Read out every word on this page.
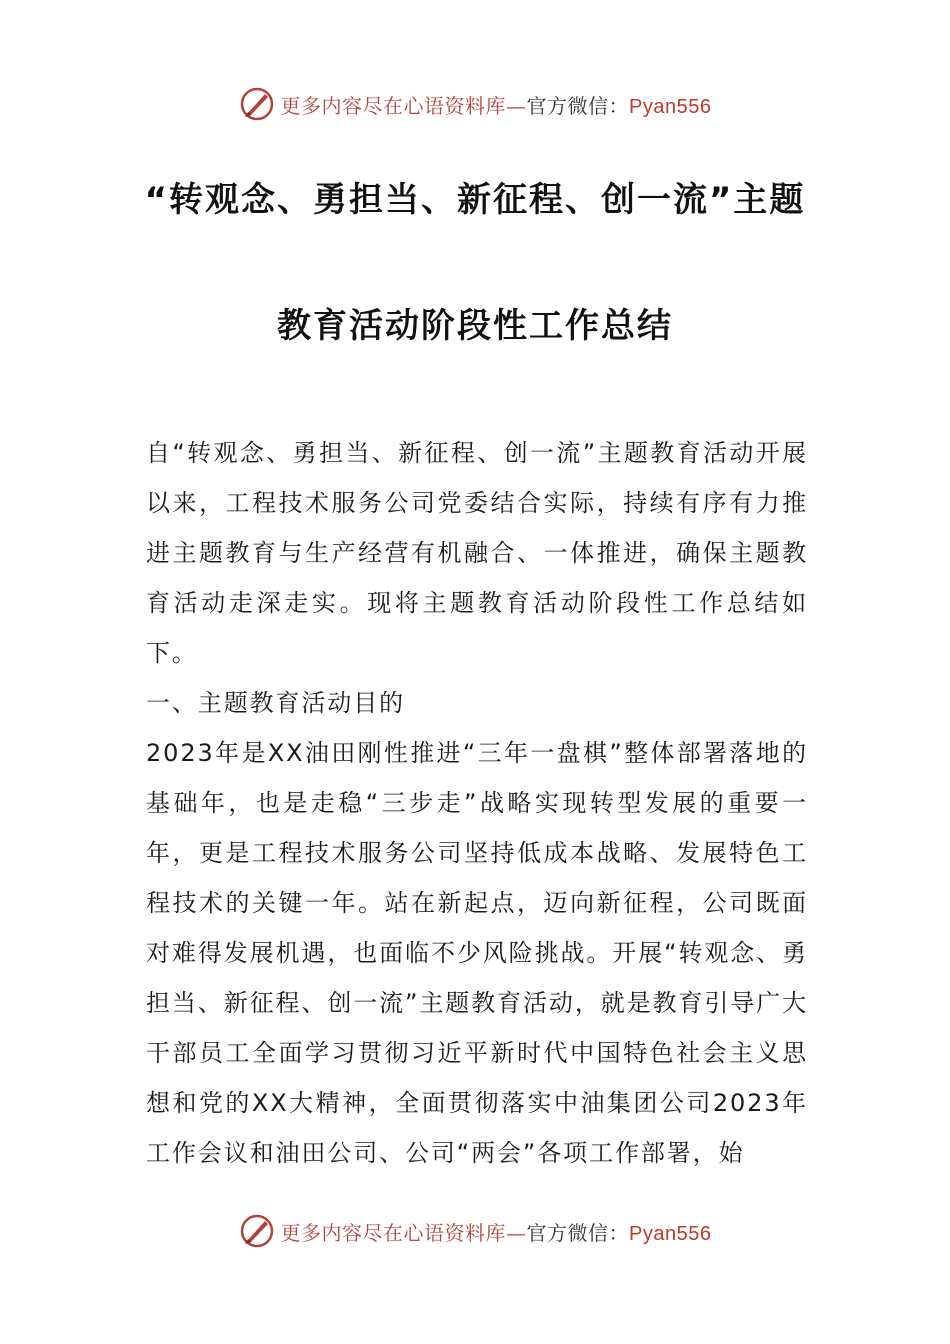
更多内容尽在心语资料库—官方微信：Pyan556
“转观念、勇担当、新征程、创一流”主题
教育活动阶段性工作总结

自“转观念、勇担当、新征程、创一流”主题教育活动开展以来，工程技术服务公司党委结合实际，持续有序有力推进主题教育与生产经营有机融合、一体推进，确保主题教育活动走深走实。现将主题教育活动阶段性工作总结如下。

一、主题教育活动目的

2023年是XX油田刚性推进“三年一盘棋”整体部署落地的基础年，也是走稳“三步走”战略实现转型发展的重要一年，更是工程技术服务公司坚持低成本战略、发展特色工程技术的关键一年。站在新起点，迈向新征程，公司既面对难得发展机遇，也面临不少风险挑战。开展“转观念、勇担当、新征程、创一流”主题教育活动，就是教育引导广大干部员工全面学习贯彻习近平新时代中国特色社会主义思想和党的XX大精神，全面贯彻落实中油集团公司2023年工作会议和油田公司、公司“两会”各项工作部署，始

更多内容尽在心语资料库—官方微信：Pyan556
